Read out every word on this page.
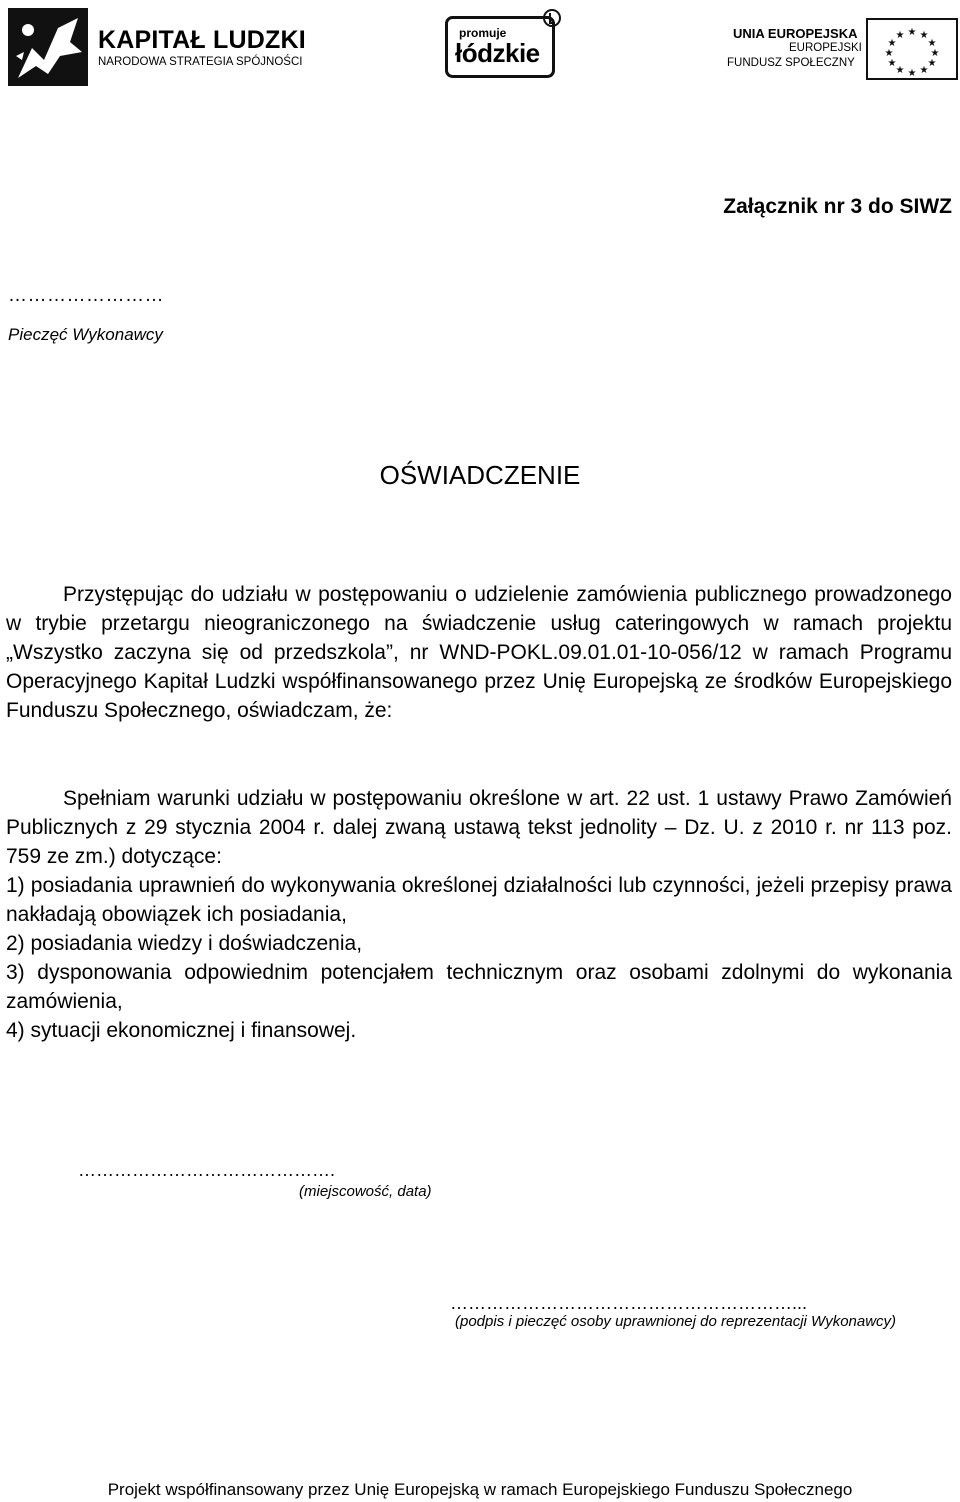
KAPITAŁ LUDZKI
NARODOWA STRATEGIA SPÓJNOŚCI
promuje
łódzkie
UNIA EUROPEJSKA
EUROPEJSKI
FUNDUSZ SPOŁECZNY
★ ★
★
★
★
★
★
★
★
★
★
★
Załącznik nr 3 do SIWZ
……………………
Pieczęć Wykonawcy
OŚWIADCZENIE
Przystępując do udziału w postępowaniu o udzielenie zamówienia publicznego prowadzonego w trybie przetargu nieograniczonego na świadczenie usług cateringowych w ramach projektu „Wszystko zaczyna się od przedszkola”, nr WND-POKL.09.01.01-10-056/12 w ramach Programu Operacyjnego Kapitał Ludzki współfinansowanego przez Unię Europejską ze środków Europejskiego Funduszu Społecznego, oświadczam, że:
Spełniam warunki udziału w postępowaniu określone w art. 22 ust. 1 ustawy Prawo Zamówień Publicznych z 29 stycznia 2004 r. dalej zwaną ustawą tekst jednolity – Dz. U. z 2010 r. nr 113 poz. 759 ze zm.) dotyczące:
1) posiadania uprawnień do wykonywania określonej działalności lub czynności, jeżeli przepisy prawa nakładają obowiązek ich posiadania,
2) posiadania wiedzy i doświadczenia,
3) dysponowania odpowiednim potencjałem technicznym oraz osobami zdolnymi do wykonania zamówienia,
4) sytuacji ekonomicznej i finansowej.
…………………………………….
(miejscowość, data)
…………………………………………………...
(podpis i pieczęć osoby uprawnionej do reprezentacji Wykonawcy)
Projekt współfinansowany przez Unię Europejską w ramach Europejskiego Funduszu Społecznego
